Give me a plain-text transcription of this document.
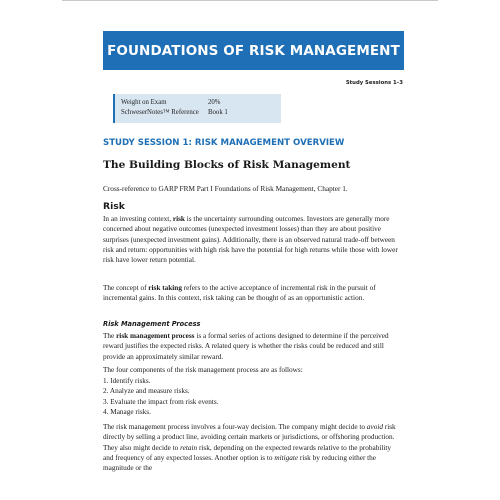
FOUNDATIONS OF RISK MANAGEMENT
Study Sessions 1–3
Weight on Exam	20%
SchweserNotes™ Reference Book 1
STUDY SESSION 1: RISK MANAGEMENT OVERVIEW
The Building Blocks of Risk Management
Cross-reference to GARP FRM Part I Foundations of Risk Management, Chapter 1.
Risk

In an investing context, risk is the uncertainty surrounding outcomes. Investors are generally more concerned about negative outcomes (unexpected investment losses) than they are about positive surprises (unexpected investment gains). Additionally, there is an observed natural trade-off between risk and return: opportunities with high risk have the potential for high returns while those with lower risk have lower return potential.

The concept of risk taking refers to the active acceptance of incremental risk in the pursuit of incremental gains. In this context, risk taking can be thought of as an opportunistic action.

Risk Management Process

The risk management process is a formal series of actions designed to determine if the perceived reward justifies the expected risks. A related query is whether the risks could be reduced and still provide an approximately similar reward.

The four components of the risk management process are as follows:

1. Identify risks.
2. Analyze and measure risks.
3. Evaluate the impact from risk events.
4. Manage risks.

The risk management process involves a four-way decision. The company might decide to avoid risk directly by selling a product line, avoiding certain markets or jurisdictions, or offshoring production. They also might decide to retain risk, depending on the expected rewards relative to the probability and frequency of any expected losses. Another option is to mitigate risk by reducing either the magnitude or the
